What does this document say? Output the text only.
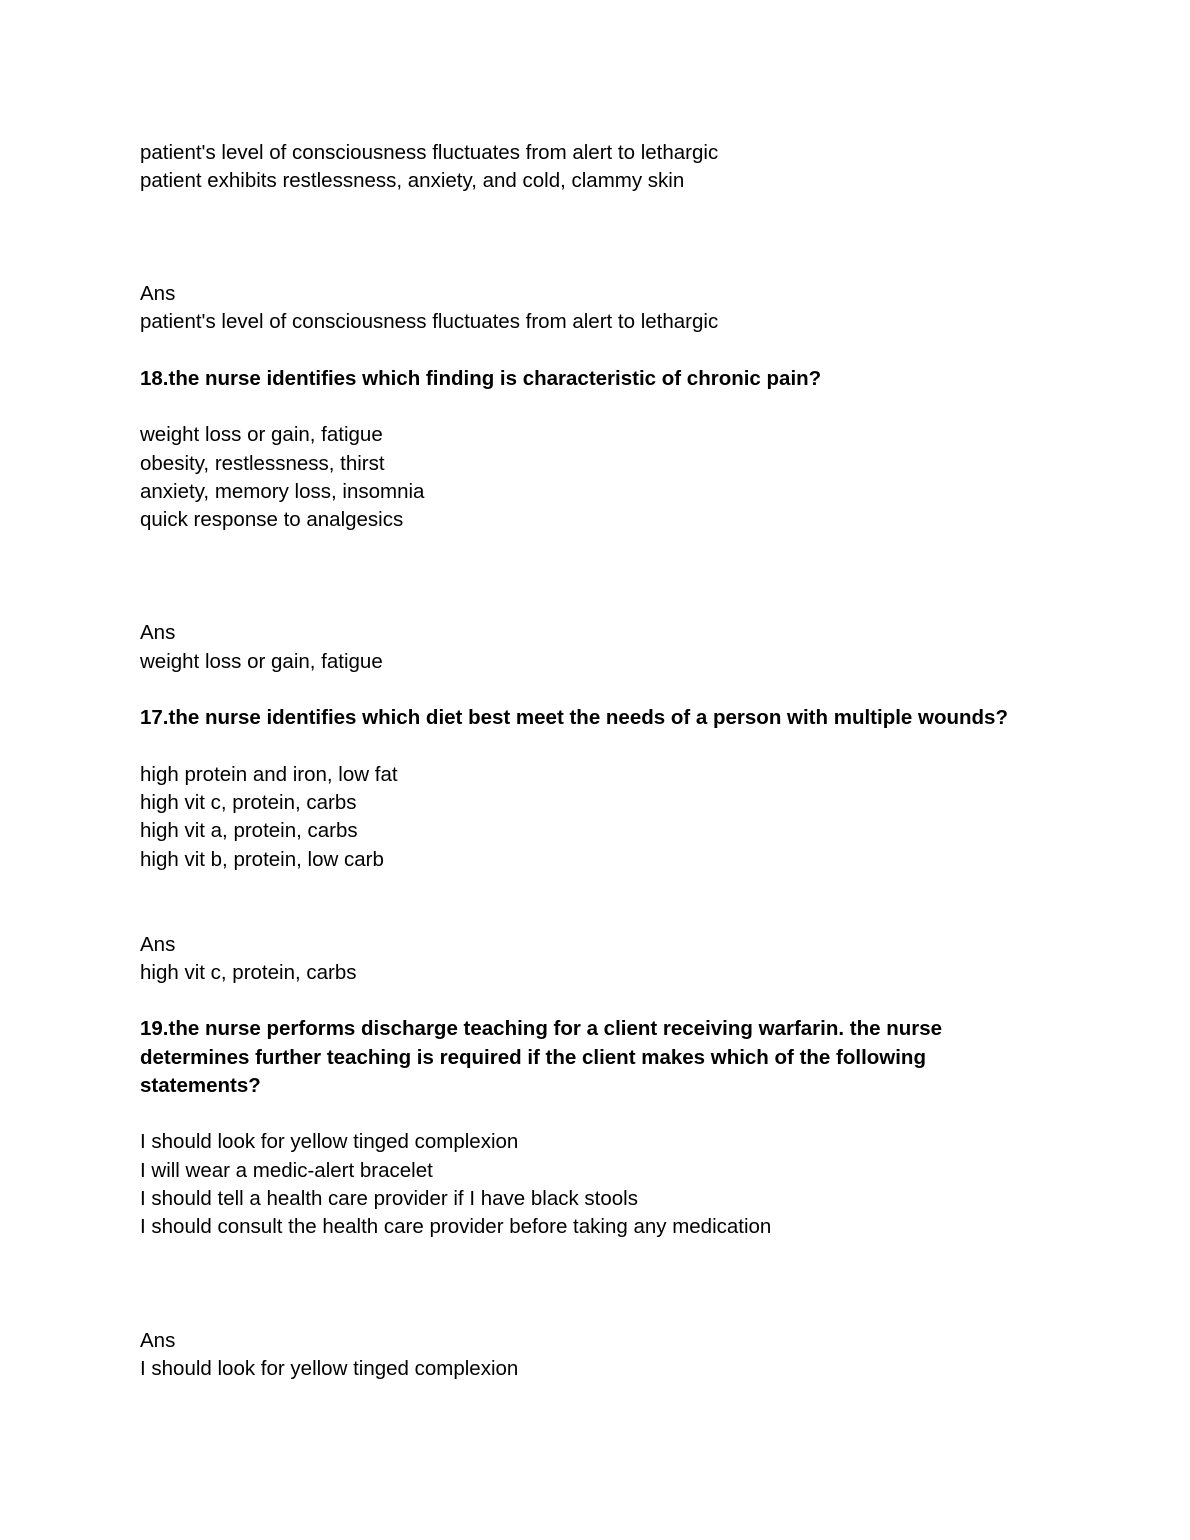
patient's level of consciousness fluctuates from alert to lethargic
patient exhibits restlessness, anxiety, and cold, clammy skin
Ans
patient's level of consciousness fluctuates from alert to lethargic
18.the nurse identifies which finding is characteristic of chronic pain?
weight loss or gain, fatigue
obesity, restlessness, thirst
anxiety, memory loss, insomnia
quick response to analgesics
Ans
weight loss or gain, fatigue
17.the nurse identifies which diet best meet the needs of a person with multiple wounds?
high protein and iron, low fat
high vit c, protein, carbs
high vit a, protein, carbs
high vit b, protein, low carb
Ans
high vit c, protein, carbs
19.the nurse performs discharge teaching for a client receiving warfarin. the nurse
determines further teaching is required if the client makes which of the following
statements?
I should look for yellow tinged complexion
I will wear a medic-alert bracelet
I should tell a health care provider if I have black stools
I should consult the health care provider before taking any medication
Ans
I should look for yellow tinged complexion
